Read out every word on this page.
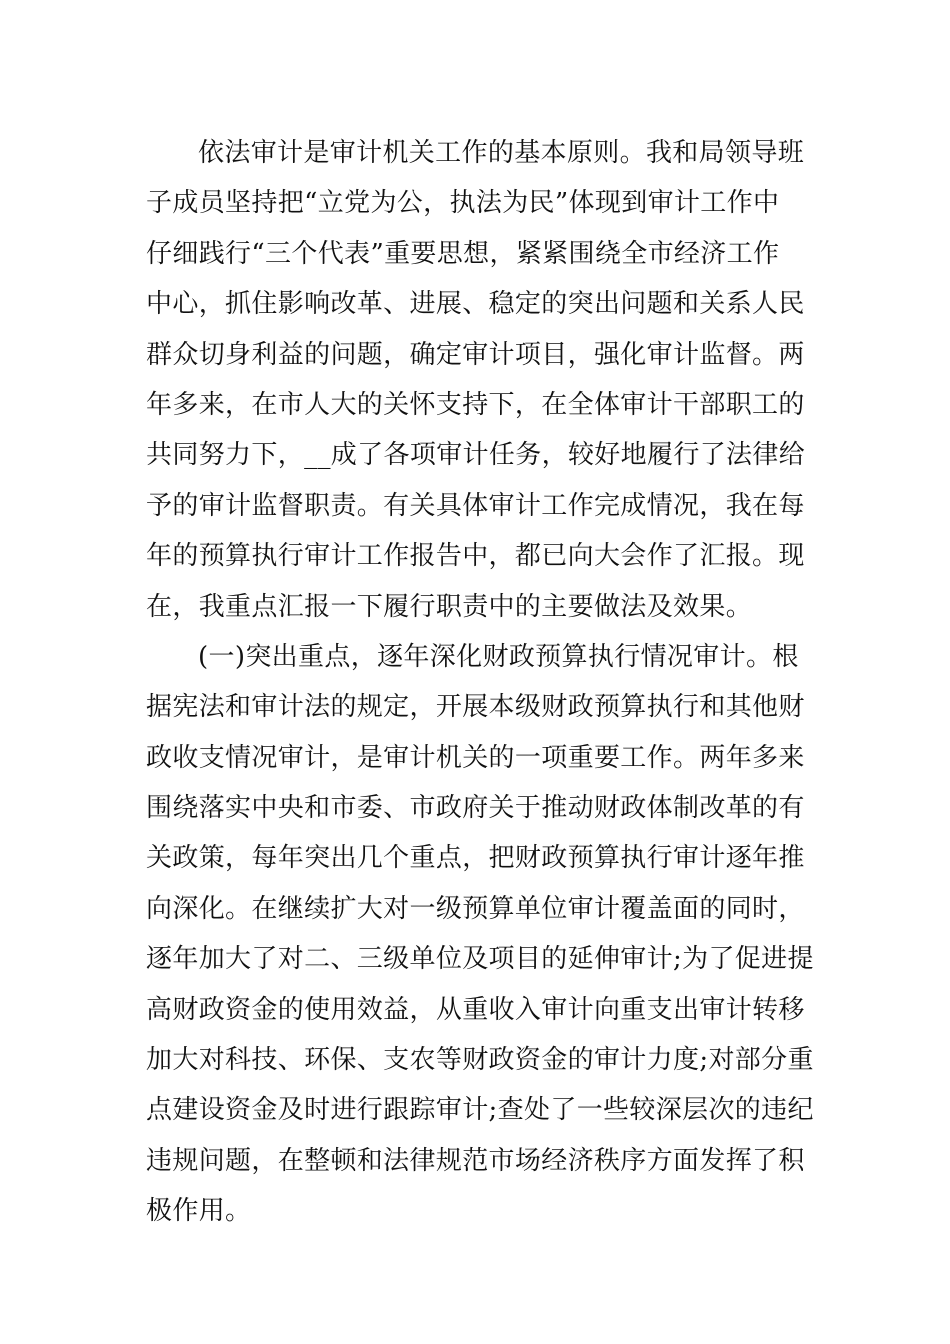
依法审计是审计机关工作的基本原则。我和局领导班
子成员坚持把“立党为公，执法为民”体现到审计工作中
仔细践行“三个代表”重要思想，紧紧围绕全市经济工作
中心，抓住影响改革、进展、稳定的突出问题和关系人民
群众切身利益的问题，确定审计项目，强化审计监督。两
年多来，在市人大的关怀支持下，在全体审计干部职工的
共同努力下，__成了各项审计任务，较好地履行了法律给
予的审计监督职责。有关具体审计工作完成情况，我在每
年的预算执行审计工作报告中，都已向大会作了汇报。现
在，我重点汇报一下履行职责中的主要做法及效果。
(一)突出重点，逐年深化财政预算执行情况审计。根
据宪法和审计法的规定，开展本级财政预算执行和其他财
政收支情况审计，是审计机关的一项重要工作。两年多来
围绕落实中央和市委、市政府关于推动财政体制改革的有
关政策，每年突出几个重点，把财政预算执行审计逐年推
向深化。在继续扩大对一级预算单位审计覆盖面的同时，
逐年加大了对二、三级单位及项目的延伸审计;为了促进提
高财政资金的使用效益，从重收入审计向重支出审计转移
加大对科技、环保、支农等财政资金的审计力度;对部分重
点建设资金及时进行跟踪审计;查处了一些较深层次的违纪
违规问题，在整顿和法律规范市场经济秩序方面发挥了积
极作用。
